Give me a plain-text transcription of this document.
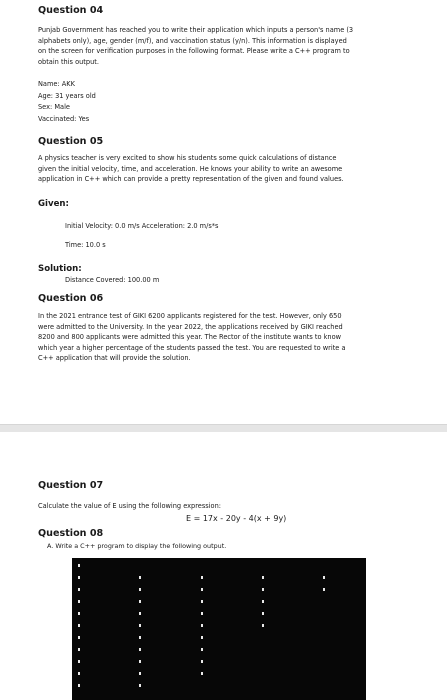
Question 04
Punjab Government has reached you to write their application which inputs a person's name (3
alphabets only), age, gender (m/f), and vaccination status (y/n). This information is displayed
on the screen for verification purposes in the following format. Please write a C++ program to
obtain this output.
Name: AKK
Age: 31 years old
Sex: Male
Vaccinated: Yes
Question 05
A physics teacher is very excited to show his students some quick calculations of distance
given the initial velocity, time, and acceleration. He knows your ability to write an awesome
application in C++ which can provide a pretty representation of the given and found values.
Given:
Initial Velocity: 0.0 m/s Acceleration: 2.0 m/s*s
Time: 10.0 s
Solution:
Distance Covered: 100.00 m
Question 06
In the 2021 entrance test of GIKI 6200 applicants registered for the test. However, only 650
were admitted to the University. In the year 2022, the applications received by GIKI reached
8200 and 800 applicants were admitted this year. The Rector of the institute wants to know
which year a higher percentage of the students passed the test. You are requested to write a
C++ application that will provide the solution.
Question 07
Calculate the value of E using the following expression:
E = 17x - 20y - 4(x + 9y)
Question 08
A. Write a C++ program to display the following output.
